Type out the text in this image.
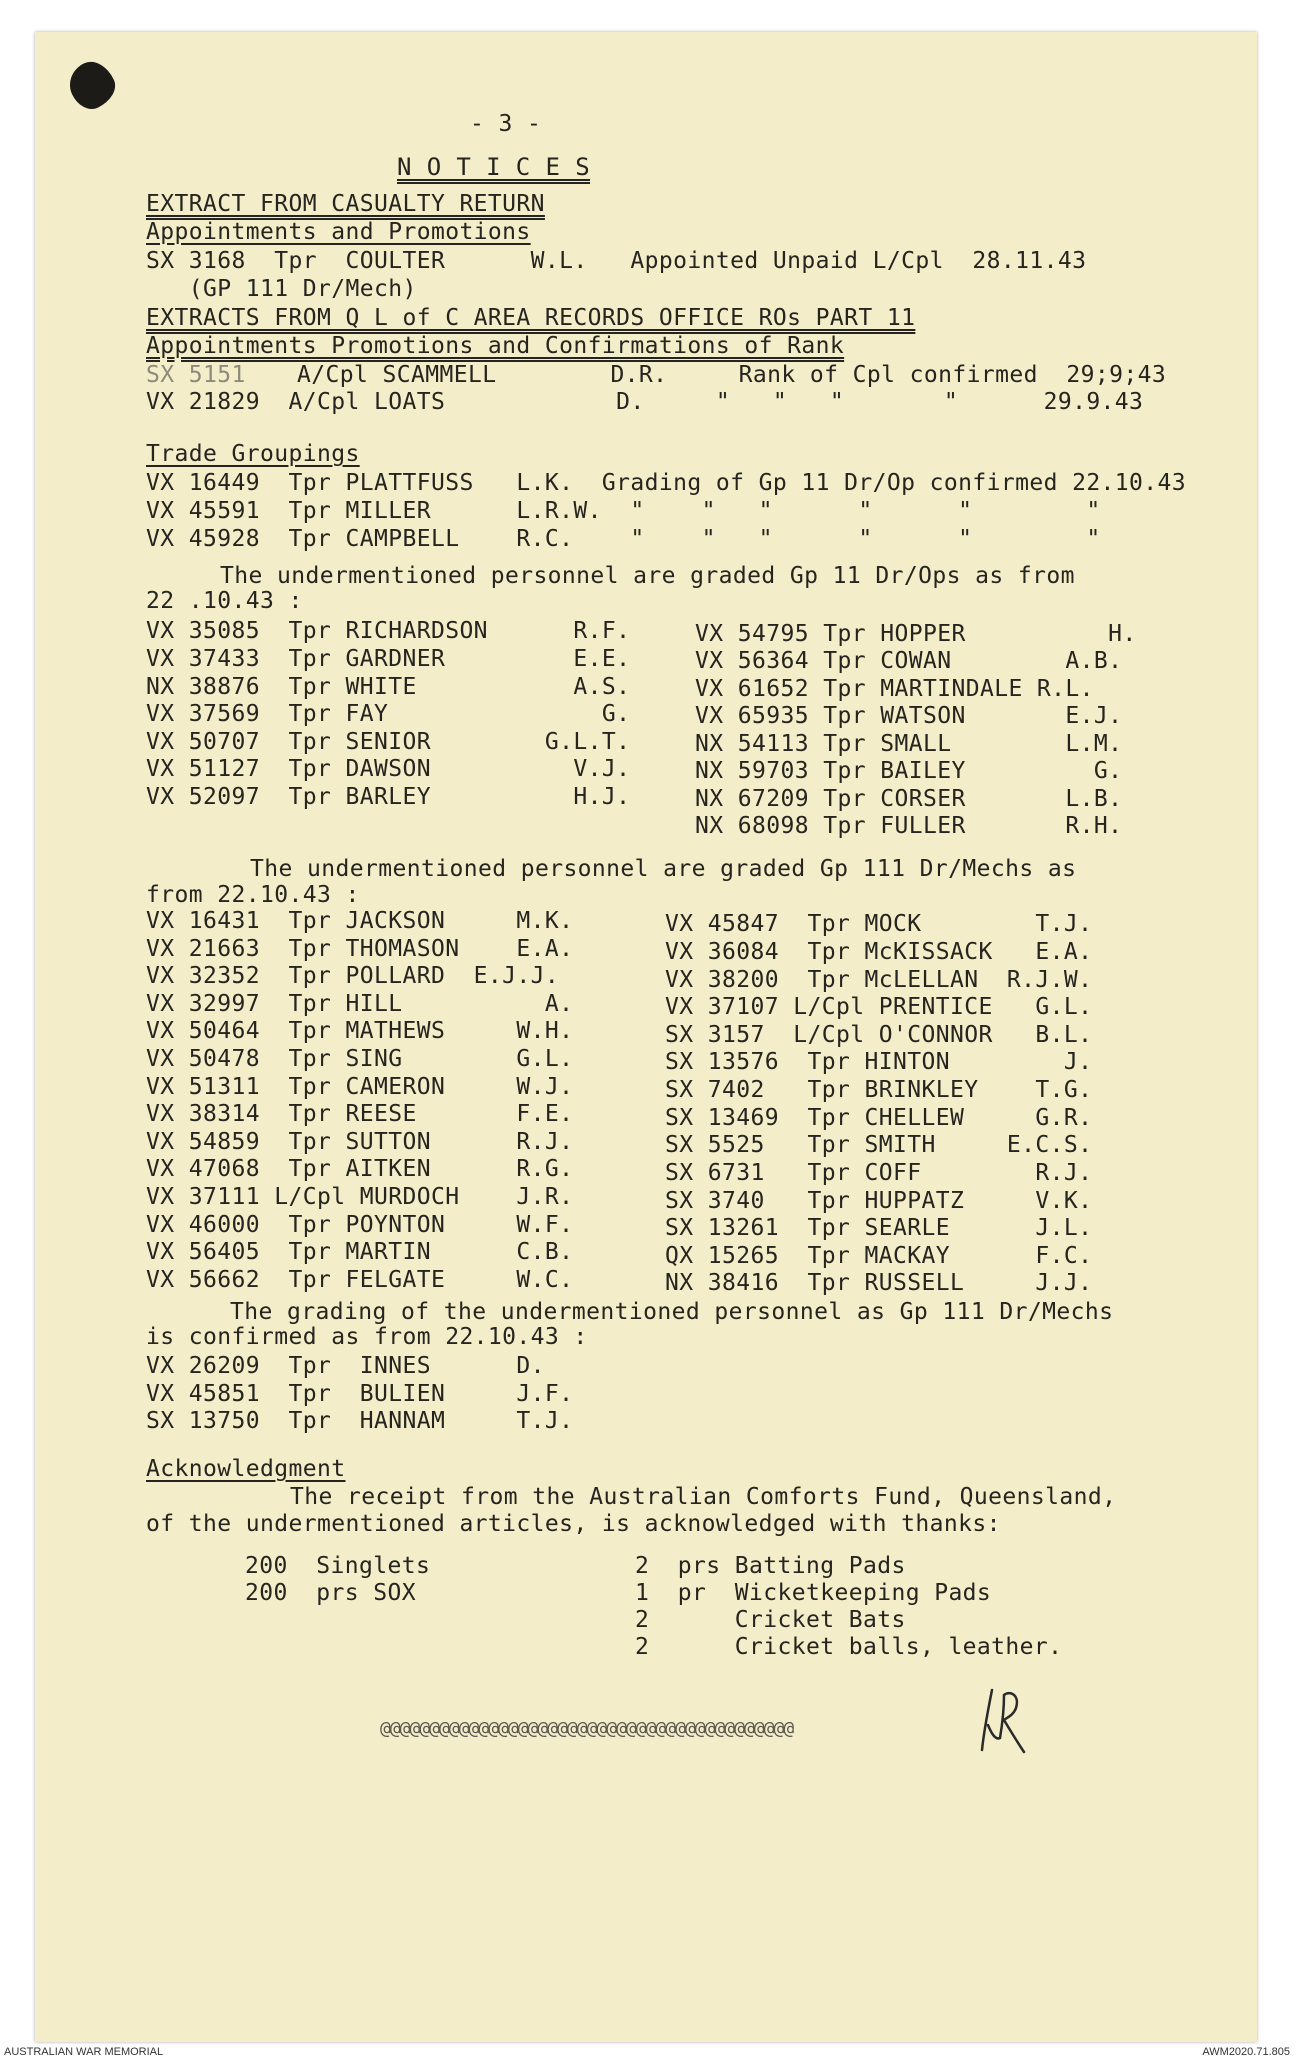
- 3 -
N O T I C E S
EXTRACT FROM CASUALTY RETURN
Appointments and Promotions
SX 3168  Tpr  COULTER      W.L.   Appointed Unpaid L/Cpl  28.11.43
(GP 111 Dr/Mech)
EXTRACTS FROM Q L of C AREA RECORDS OFFICE ROs PART 11
Appointments Promotions and Confirmations of Rank
SX 5151 A/Cpl SCAMMELL        D.R.     Rank of Cpl confirmed  29;9;43
VX 21829  A/Cpl LOATS            D.     "   "   "       "      29.9.43
Trade Groupings
VX 16449  Tpr PLATTFUSS   L.K.  Grading of Gp 11 Dr/Op confirmed 22.10.43
VX 45591  Tpr MILLER      L.R.W.  "    "   "      "      "        "
VX 45928  Tpr CAMPBELL    R.C.    "    "   "      "      "        "
The undermentioned personnel are graded Gp 11 Dr/Ops as from
22 .10.43 :
VX 35085  Tpr RICHARDSON      R.F.
VX 37433  Tpr GARDNER         E.E.
NX 38876  Tpr WHITE           A.S.
VX 37569  Tpr FAY               G.
VX 50707  Tpr SENIOR        G.L.T.
VX 51127  Tpr DAWSON          V.J.
VX 52097  Tpr BARLEY          H.J.
VX 54795 Tpr HOPPER          H.
VX 56364 Tpr COWAN        A.B.
VX 61652 Tpr MARTINDALE R.L.
VX 65935 Tpr WATSON       E.J.
NX 54113 Tpr SMALL        L.M.
NX 59703 Tpr BAILEY         G.
NX 67209 Tpr CORSER       L.B.
NX 68098 Tpr FULLER       R.H.
The undermentioned personnel are graded Gp 111 Dr/Mechs as
from 22.10.43 :
VX 16431  Tpr JACKSON     M.K.
VX 21663  Tpr THOMASON    E.A.
VX 32352  Tpr POLLARD  E.J.J.
VX 32997  Tpr HILL          A.
VX 50464  Tpr MATHEWS     W.H.
VX 50478  Tpr SING        G.L.
VX 51311  Tpr CAMERON     W.J.
VX 38314  Tpr REESE       F.E.
VX 54859  Tpr SUTTON      R.J.
VX 47068  Tpr AITKEN      R.G.
VX 37111 L/Cpl MURDOCH    J.R.
VX 46000  Tpr POYNTON     W.F.
VX 56405  Tpr MARTIN      C.B.
VX 56662  Tpr FELGATE     W.C.
VX 45847  Tpr MOCK        T.J.
VX 36084  Tpr McKISSACK   E.A.
VX 38200  Tpr McLELLAN  R.J.W.
VX 37107 L/Cpl PRENTICE   G.L.
SX 3157  L/Cpl O'CONNOR   B.L.
SX 13576  Tpr HINTON        J.
SX 7402   Tpr BRINKLEY    T.G.
SX 13469  Tpr CHELLEW     G.R.
SX 5525   Tpr SMITH     E.C.S.
SX 6731   Tpr COFF        R.J.
SX 3740   Tpr HUPPATZ     V.K.
SX 13261  Tpr SEARLE      J.L.
QX 15265  Tpr MACKAY      F.C.
NX 38416  Tpr RUSSELL     J.J.
The grading of the undermentioned personnel as Gp 111 Dr/Mechs
is confirmed as from 22.10.43 :
VX 26209  Tpr  INNES      D.
VX 45851  Tpr  BULIEN     J.F.
SX 13750  Tpr  HANNAM     T.J.
Acknowledgment
The receipt from the Australian Comforts Fund, Queensland,
of the undermentioned articles, is acknowledged with thanks:
200  Singlets
200  prs SOX
2  prs Batting Pads
1  pr  Wicketkeeping Pads
2      Cricket Bats
2      Cricket balls, leather.
@@@@@@@@@@@@@@@@@@@@@@@@@@@@@@@@@@@@@@@@@@
AUSTRALIAN WAR MEMORIAL	AWM2020.71.805
